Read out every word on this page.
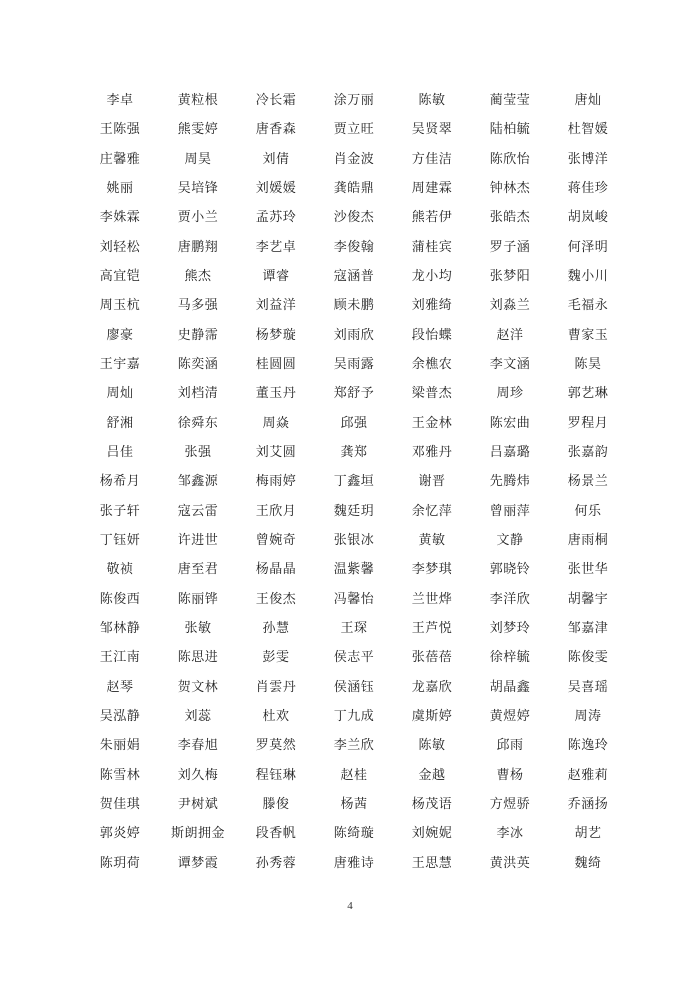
李卓	黄粒根	冷长霜	涂万丽	陈敏	蔺莹莹	唐灿
王陈强	熊雯婷	唐香森	贾立旺	吴贤翠	陆柏毓	杜智媛
庄馨雅	周昊	刘倩	肖金波	方佳洁	陈欣怡	张博洋
姚丽	吴培锋	刘媛媛	龚皓鼎	周建霖	钟林杰	蒋佳珍
李姝霖	贾小兰	孟苏玲	沙俊杰	熊若伊	张皓杰	胡岚峻
刘轻松	唐鹏翔	李艺卓	李俊翰	蒲桂宾	罗子涵	何泽明
高宜铠	熊杰	谭睿	寇涵普	龙小均	张梦阳	魏小川
周玉杭	马多强	刘益洋	顾未鹏	刘雅绮	刘淼兰	毛福永
廖豪	史静霈	杨梦璇	刘雨欣	段怡蝶	赵洋	曹家玉
王宇嘉	陈奕涵	桂圆圆	吴雨露	余樵农	李文涵	陈昊
周灿	刘档清	董玉丹	郑舒予	梁普杰	周珍	郭艺琳
舒湘	徐舜东	周焱	邱强	王金林	陈宏曲	罗程月
吕佳	张强	刘艾圆	龚郑	邓雅丹	吕嘉璐	张嘉韵
杨希月	邹鑫源	梅雨婷	丁鑫垣	谢晋	先腾炜	杨景兰
张子轩	寇云雷	王欣月	魏廷玥	余忆萍	曾丽萍	何乐
丁钰妍	许进世	曾婉奇	张银冰	黄敏	文静	唐雨桐
敬祯	唐至君	杨晶晶	温紫馨	李梦琪	郭晓铃	张世华
陈俊西	陈丽铧	王俊杰	冯馨怡	兰世烨	李洋欣	胡馨宇
邹林静	张敏	孙慧	王琛	王芦悦	刘梦玲	邹嘉津
王江南	陈思进	彭雯	侯志平	张蓓蓓	徐梓毓	陈俊雯
赵琴	贺文林	肖雲丹	侯涵钰	龙嘉欣	胡晶鑫	吴喜瑶
吴泓静	刘蕊	杜欢	丁九成	虞斯婷	黄煜婷	周涛
朱丽娟	李春旭	罗莫然	李兰欣	陈敏	邱雨	陈逸玲
陈雪林	刘久梅	程钰琳	赵桂	金越	曹杨	赵雅莉
贺佳琪	尹树斌	滕俊	杨茜	杨茂语	方煜骄	乔涵扬
郭炎婷	斯朗拥金	段香帆	陈绮璇	刘婉妮	李冰	胡艺
陈玥荷	谭梦霞	孙秀蓉	唐雅诗	王思慧	黄洪英	魏绮
4
